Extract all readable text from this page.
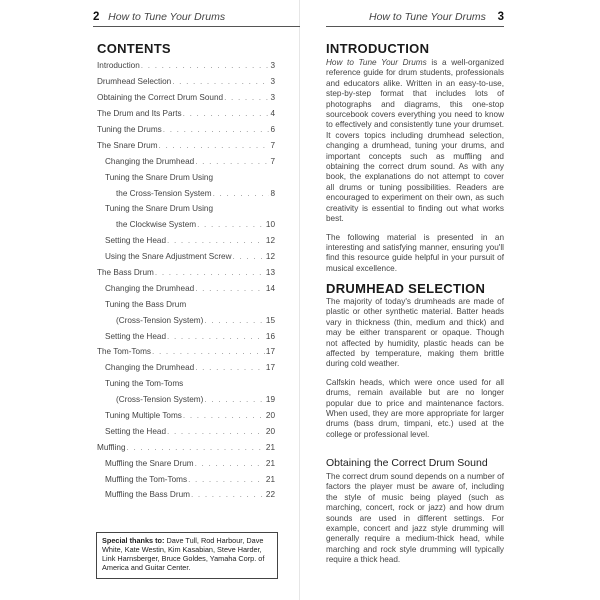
2 How to Tune Your Drums
CONTENTS
Introduction . . .	3
Drumhead Selection . . .	3
Obtaining the Correct Drum Sound . . .	3
The Drum and Its Parts . . .	4
Tuning the Drums . . .	6
The Snare Drum . . .	7
Changing the Drumhead . . .	7
Tuning the Snare Drum Using
the Cross-Tension System . . .	8
Tuning the Snare Drum Using
the Clockwise System . . .	10
Setting the Head . . .	12
Using the Snare Adjustment Screw . . .	12
The Bass Drum . . .	13
Changing the Drumhead . . .	14
Tuning the Bass Drum
(Cross-Tension System) . . .	15
Setting the Head . . .	16
The Tom-Toms . . .	17
Changing the Drumhead . . .	17
Tuning the Tom-Toms
(Cross-Tension System) . . .	19
Tuning Multiple Toms . . .	20
Setting the Head . . .	20
Muffling . . .	21
Muffling the Snare Drum . . .	21
Muffling the Tom-Toms . . .	21
Muffling the Bass Drum . . .	22
Special thanks to: Dave Tull, Rod Harbour, Dave White, Kate Westin, Kim Kasabian, Steve Harder, Link Harnsberger, Bruce Goldes, Yamaha Corp. of America and Guitar Center.
How to Tune Your Drums 3
INTRODUCTION

How to Tune Your Drums is a well-organized reference guide for drum students, professionals and educators alike. Written in an easy-to-use, step-by-step format that includes lots of photographs and diagrams, this one-stop sourcebook covers everything you need to know to effectively and consistently tune your drumset. It covers topics including drumhead selection, changing a drumhead, tuning your drums, and important concepts such as muffling and obtaining the correct drum sound. As with any book, the explanations do not attempt to cover all drums or tuning possibilities. Readers are encouraged to experiment on their own, as such creativity is essential to finding out what works best.

The following material is presented in an interesting and satisfying manner, ensuring you'll find this resource guide helpful in your pursuit of musical excellence.

DRUMHEAD SELECTION

The majority of today's drumheads are made of plastic or other synthetic material. Batter heads vary in thickness (thin, medium and thick) and may be either transparent or opaque. Though not affected by humidity, plastic heads can be affected by temperature, making them brittle during cold weather.

Calfskin heads, which were once used for all drums, remain available but are no longer popular due to price and maintenance factors. When used, they are more appropriate for larger drums (bass drum, timpani, etc.) used at the college or professional level.

Obtaining the Correct Drum Sound

The correct drum sound depends on a number of factors the player must be aware of, including the style of music being played (such as marching, concert, rock or jazz) and how drum sounds are used in different settings. For example, concert and jazz style drumming will generally require a medium-thick head, while marching and rock style drumming will typically require a thick head.
